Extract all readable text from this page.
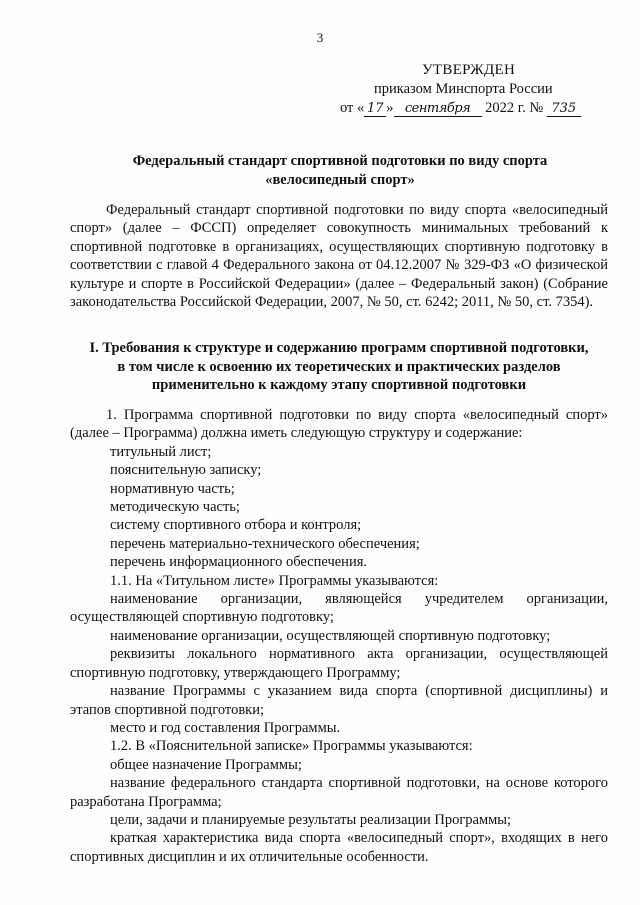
3
УТВЕРЖДЕН
приказом Минспорта России
от « 17 » сентября 2022 г. № 735
Федеральный стандарт спортивной подготовки по виду спорта
«велосипедный спорт»

Федеральный стандарт спортивной подготовки по виду спорта «велосипедный спорт» (далее – ФССП) определяет совокупность минимальных требований к спортивной подготовке в организациях, осуществляющих спортивную подготовку в соответствии с главой 4 Федерального закона от 04.12.2007 № 329-ФЗ «О физической культуре и спорте в Российской Федерации» (далее – Федеральный закон) (Собрание законодательства Российской Федерации, 2007, № 50, ст. 6242; 2011, № 50, ст. 7354).

I. Требования к структуре и содержанию программ спортивной подготовки,
в том числе к освоению их теоретических и практических разделов
применительно к каждому этапу спортивной подготовки

1. Программа спортивной подготовки по виду спорта «велосипедный спорт» (далее – Программа) должна иметь следующую структуру и содержание:

титульный лист;

пояснительную записку;

нормативную часть;

методическую часть;

систему спортивного отбора и контроля;

перечень материально-технического обеспечения;

перечень информационного обеспечения.

1.1. На «Титульном листе» Программы указываются:

наименование организации, являющейся учредителем организации, осуществляющей спортивную подготовку;

наименование организации, осуществляющей спортивную подготовку;

реквизиты локального нормативного акта организации, осуществляющей спортивную подготовку, утверждающего Программу;

название Программы с указанием вида спорта (спортивной дисциплины) и этапов спортивной подготовки;

место и год составления Программы.

1.2. В «Пояснительной записке» Программы указываются:

общее назначение Программы;

название федерального стандарта спортивной подготовки, на основе которого разработана Программа;

цели, задачи и планируемые результаты реализации Программы;

краткая характеристика вида спорта «велосипедный спорт», входящих в него спортивных дисциплин и их отличительные особенности.
